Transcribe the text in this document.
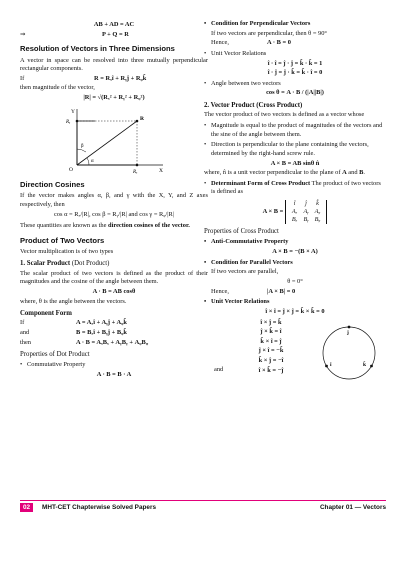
AB + AD = AC
⇒	P + Q = R
Resolution of Vectors in Three Dimensions

A vector in space can be resolved into three mutually perpendicular rectangular components.

If	R = Rₓî + Rᵧĵ + Rᵩk̂

then magnitude of the vector,

|R| = √(Rₓ² + Rᵧ² + Rᵩ²)
Y
X
O
Rᵧ
Rₓ
R
β
α
Direction Cosines

If the vector makes angles α, β, and γ with the X, Y, and Z axes respectively, then

cos α = Rₓ/|R|, cos β = Rᵧ/|R| and cos γ = Rᵩ/|R|

These quantities are known as the direction cosines of the vector.

Product of Two Vectors

Vector multiplication is of two types

1. Scalar Product (Dot Product)

The scalar product of two vectors is defined as the product of their magnitudes and the cosine of the angle between them.

A · B = AB cosθ

where, θ is the angle between the vectors.

Component Form
If	A = Aₓî + Aᵧĵ + Aᵩk̂
and	B = Bₓî + Bᵧĵ + Bᵩk̂
then	A · B = AₓBₓ + AᵧBᵧ + AᵩBᵩ
Properties of Dot Product
• Commutative Property
A · B = B · A
• Condition for Perpendicular Vectors

If two vectors are perpendicular, then θ = 90°

Hence,	A · B = 0
• Unit Vector Relations
î · î = ĵ · ĵ = k̂ · k̂ = 1
î · ĵ = ĵ · k̂ = k̂ · î = 0
• Angle between two vectors
cos θ = A · B / (|A||B|)
2. Vector Product (Cross Product)

The vector product of two vectors is defined as a vector whose

• Magnitude is equal to the product of magnitudes of the vectors and the sine of the angle between them.
• Direction is perpendicular to the plane containing the vectors, determined by the right-hand screw rule.
A × B = AB sinθ n̂

where, n̂ is a unit vector perpendicular to the plane of A and B.

• Determinant Form of Cross Product The product of two vectors is defined as
A × B =
î	ĵ	k̂
Aₓ	Aᵧ	Aᵩ
Bₓ	Bᵧ	Bᵩ
Properties of Cross Product
• Anti-Commutative Property
A × B = −(B × A)
• Condition for Parallel Vectors

If two vectors are parallel,

θ = 0°
Hence,	|A × B| = 0
• Unit Vector Relations
î × î = ĵ × ĵ = k̂ × k̂ = 0
î × ĵ = k̂
ĵ × k̂ = î
k̂ × î = ĵ
ĵ × î = −k̂
k̂ × ĵ = −î
î × k̂ = −ĵ
and
ĵ
î	k̂
02	MHT-CET Chapterwise Solved Papers	Chapter 01 — Vectors
